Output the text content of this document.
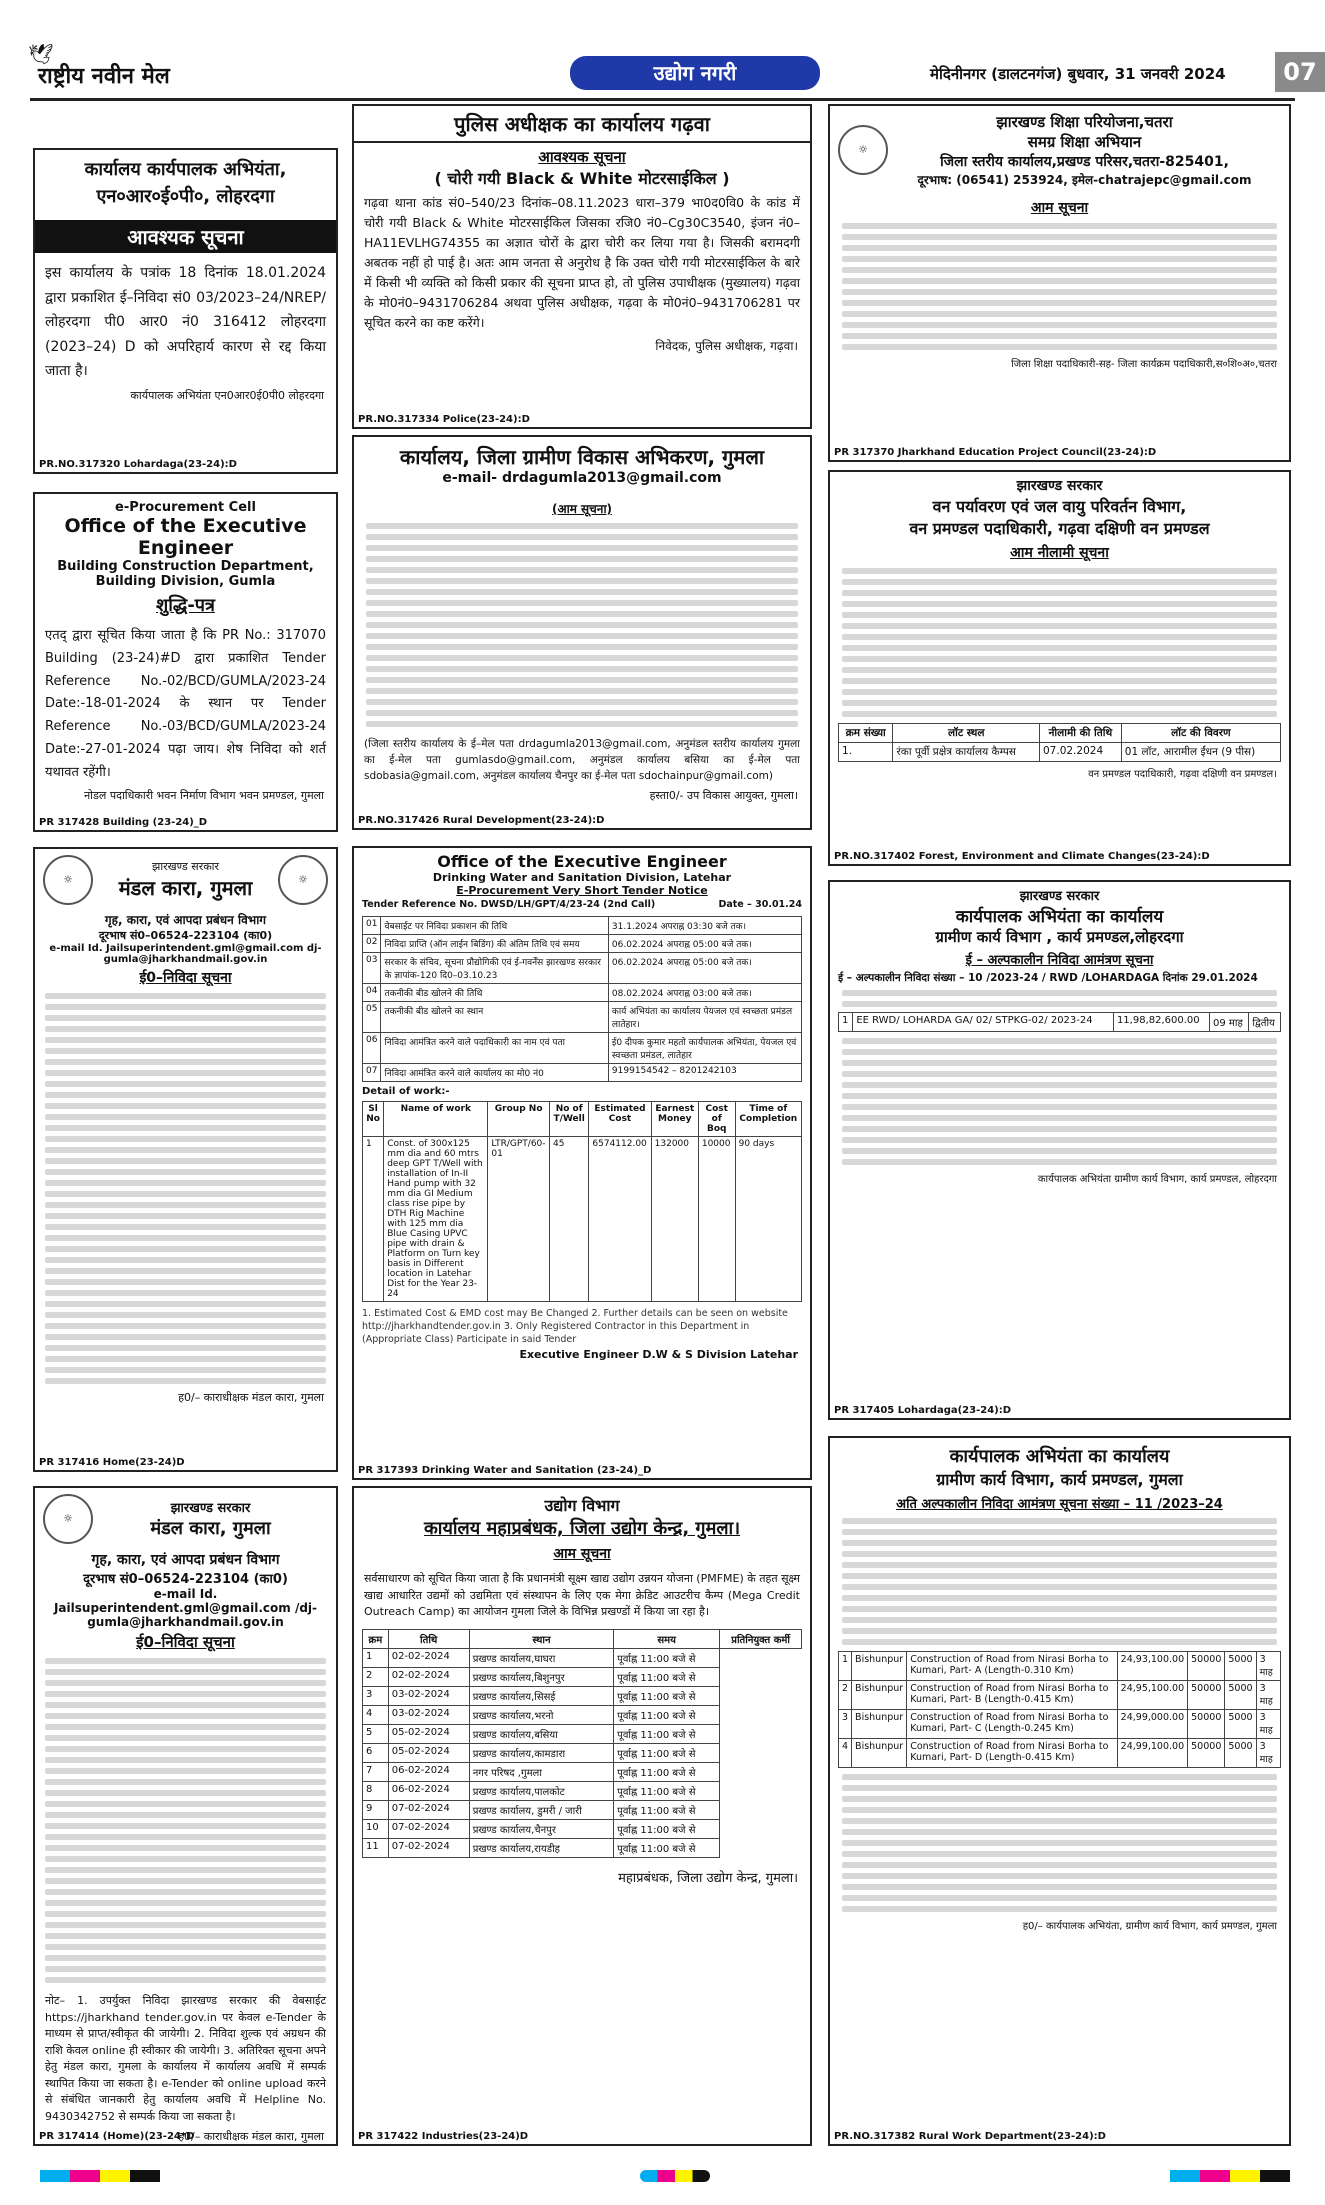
🕊
राष्ट्रीय नवीन मेल	उद्योग नगरी	मेदिनीनगर (डालटनगंज) बुधवार, 31 जनवरी 2024	07
कार्यालय कार्यपालक अभियंता, एन०आर०ई०पी०, लोहरदगा
आवश्यक सूचना
इस कार्यालय के पत्रांक 18 दिनांक 18.01.2024 द्वारा प्रकाशित ई–निविदा सं0 03/2023–24/NREP/लोहरदगा पी0 आर0 नं0 316412 लोहरदगा (2023–24) D को अपरिहार्य कारण से रद्द किया जाता है।
कार्यपालक अभियंता एन0आर0ई0पी0 लोहरदगा
PR.NO.317320 Lohardaga(23-24):D
e-Procurement Cell
Office of the Executive Engineer
Building Construction Department, Building Division, Gumla
शुद्धि-पत्र
एतद् द्वारा सूचित किया जाता है कि PR No.: 317070 Building (23-24)#D द्वारा प्रकाशित Tender Reference No.-02/BCD/GUMLA/2023-24 Date:-18-01-2024 के स्थान पर Tender Reference No.-03/BCD/GUMLA/2023-24 Date:-27-01-2024 पढ़ा जाय। शेष निविदा को शर्त यथावत रहेंगी।
नोडल पदाधिकारी भवन निर्माण विभाग भवन प्रमण्डल, गुमला
PR 317428 Building (23-24)_D
☼
झारखण्ड सरकार
मंडल कारा, गुमला	☼
गृह, कारा, एवं आपदा प्रबंधन विभाग
दूरभाष सं0–06524-223104 (का0)
e-mail Id. Jailsuperintendent.gml@gmail.com dj-gumla@jharkhandmail.gov.in
ई0–निविदा सूचना
ह0/– काराधीक्षक मंडल कारा, गुमला
PR 317416 Home(23-24)D
☼
झारखण्ड सरकार
मंडल कारा, गुमला
गृह, कारा, एवं आपदा प्रबंधन विभाग
दूरभाष सं0–06524-223104 (का0)
e-mail Id. Jailsuperintendent.gml@gmail.com /dj-gumla@jharkhandmail.gov.in
ई0–निविदा सूचना
नोट– 1. उपर्युक्त निविदा झारखण्ड सरकार की वेबसाईट https://jharkhand tender.gov.in पर केवल e-Tender के माध्यम से प्राप्त/स्वीकृत की जायेगी। 2. निविदा शुल्क एवं अग्रधन की राशि केवल online ही स्वीकार की जायेगी। 3. अतिरिक्त सूचना अपने हेतु मंडल कारा, गुमला के कार्यालय में कार्यालय अवधि में सम्पर्क स्थापित किया जा सकता है। e-Tender को online upload करने से संबंधित जानकारी हेतु कार्यालय अवधि में Helpline No. 9430342752 से सम्पर्क किया जा सकता है।
ह0/– काराधीक्षक मंडल कारा, गुमला
PR 317414 (Home)(23-24*D
पुलिस अधीक्षक का कार्यालय गढ़वा
आवश्यक सूचना
( चोरी गयी Black & White मोटरसाईकिल )
गढ़वा थाना कांड सं0–540/23 दिनांक–08.11.2023 धारा–379 भा0द0वि0 के कांड में चोरी गयी Black & White मोटरसाईकिल जिसका रजि0 नं0–Cg30C3540, इंजन नं0–HA11EVLHG74355 का अज्ञात चोरों के द्वारा चोरी कर लिया गया है। जिसकी बरामदगी अबतक नहीं हो पाई है। अतः आम जनता से अनुरोध है कि उक्त चोरी गयी मोटरसाईकिल के बारे में किसी भी व्यक्ति को किसी प्रकार की सूचना प्राप्त हो, तो पुलिस उपाधीक्षक (मुख्यालय) गढ़वा के मो0नं0–9431706284 अथवा पुलिस अधीक्षक, गढ़वा के मो0नं0–9431706281 पर सूचित करने का कष्ट करेंगे।
निवेदक, पुलिस अधीक्षक, गढ़वा।
PR.NO.317334 Police(23-24):D
कार्यालय, जिला ग्रामीण विकास अभिकरण, गुमला
e-mail- drdagumla2013@gmail.com
(आम सूचना)
(जिला स्तरीय कार्यालय के ई–मेल पता drdagumla2013@gmail.com, अनुमंडल स्तरीय कार्यालय गुमला का ई-मेल पता gumlasdo@gmail.com, अनुमंडल कार्यालय बसिया का ई-मेल पता sdobasia@gmail.com, अनुमंडल कार्यालय चैनपुर का ई-मेल पता sdochainpur@gmail.com)
हस्ता0/- उप विकास आयुक्त, गुमला।
PR.NO.317426 Rural Development(23-24):D
Office of the Executive Engineer
Drinking Water and Sanitation Division, Latehar
E-Procurement Very Short Tender Notice
Tender Reference No. DWSD/LH/GPT/4/23-24 (2nd Call)	Date – 30.01.24
01	वेबसाईट पर निविदा प्रकाशन की तिथि	31.1.2024 अपराह्न 03:30 बजे तक।
02	निविदा प्राप्ति (ऑन लाईन बिडिंग) की अंतिम तिथि एवं समय	06.02.2024 अपराह्न 05:00 बजे तक।
03	सरकार के संचिव, सूचना प्रौद्योगिकी एवं ई-गवर्नेंस झारखण्ड सरकार के ज्ञापांक-120 दि0–03.10.23	06.02.2024 अपराह्न 05:00 बजे तक।
04	तकनीकी बीड खोलने की तिथि	08.02.2024 अपराह्न 03:00 बजे तक।
05	तकनीकी बीड खोलने का स्थान	कार्य अभियंता का कार्यालय पेयजल एवं स्वच्छता प्रमंडल लातेहार।
06	निविदा आमंत्रित करने वाले पदाधिकारी का नाम एवं पता	ई0 दीपक कुमार महतो कार्यपालक अभियंता, पेयजल एवं स्वच्छता प्रमंडल, लातेहार
07	निविदा आमंत्रित करने वाले कार्यालय का मो0 नं0	9199154542 – 8201242103
Detail of work:-
Sl No	Name of work	Group No	No of T/Well	Estimated Cost	Earnest Money	Cost of Boq	Time of Completion
1	Const. of 300x125 mm dia and 60 mtrs deep GPT T/Well with installation of In-II Hand pump with 32 mm dia GI Medium class rise pipe by DTH Rig Machine with 125 mm dia Blue Casing UPVC pipe with drain & Platform on Turn key basis in Different location in Latehar Dist for the Year 23-24	LTR/GPT/60-01	45	6574112.00	132000	10000	90 days
1. Estimated Cost & EMD cost may Be Changed 2. Further details can be seen on website http://jharkhandtender.gov.in 3. Only Registered Contractor in this Department in (Appropriate Class) Participate in said Tender
Executive Engineer D.W & S Division Latehar
PR 317393 Drinking Water and Sanitation (23-24)_D
उद्योग विभाग
कार्यालय महाप्रबंधक, जिला उद्योग केन्द्र, गुमला।
आम सूचना
सर्वसाधारण को सूचित किया जाता है कि प्रधानमंत्री सूक्ष्म खाद्य उद्योग उन्नयन योजना (PMFME) के तहत सूक्ष्म खाद्य आधारित उद्यमों को उद्यमिता एवं संस्थापन के लिए एक मेगा क्रेडिट आउटरीच कैम्प (Mega Credit Outreach Camp) का आयोजन गुमला जिले के विभिन्न प्रखण्डों में किया जा रहा है।
क्रम	तिथि	स्थान	समय	प्रतिनियुक्त कर्मी
1	02-02-2024	प्रखण्ड कार्यालय,घाघरा	पूर्वाह्न 11:00 बजे से	
2	02-02-2024	प्रखण्ड कार्यालय,बिशुनपुर	पूर्वाह्न 11:00 बजे से	
3	03-02-2024	प्रखण्ड कार्यालय,सिसई	पूर्वाह्न 11:00 बजे से	
4	03-02-2024	प्रखण्ड कार्यालय,भरनो	पूर्वाह्न 11:00 बजे से	
5	05-02-2024	प्रखण्ड कार्यालय,बसिया	पूर्वाह्न 11:00 बजे से	
6	05-02-2024	प्रखण्ड कार्यालय,कामडारा	पूर्वाह्न 11:00 बजे से	
7	06-02-2024	नगर परिषद ,गुमला	पूर्वाह्न 11:00 बजे से	
8	06-02-2024	प्रखण्ड कार्यालय,पालकोट	पूर्वाह्न 11:00 बजे से	
9	07-02-2024	प्रखण्ड कार्यालय, डुमरी / जारी	पूर्वाह्न 11:00 बजे से	
10	07-02-2024	प्रखण्ड कार्यालय,चैनपुर	पूर्वाह्न 11:00 बजे से	
11	07-02-2024	प्रखण्ड कार्यालय,रायडीह	पूर्वाह्न 11:00 बजे से	
महाप्रबंधक, जिला उद्योग केन्द्र, गुमला।
PR 317422 Industries(23-24)D
☼
झारखण्ड शिक्षा परियोजना,चतरा
समग्र शिक्षा अभियान
जिला स्तरीय कार्यालय,प्रखण्ड परिसर,चतरा-825401,
दूरभाष: (06541) 253924, इमेल-chatrajepc@gmail.com
आम सूचना
जिला शिक्षा पदाधिकारी-सह- जिला कार्यक्रम पदाधिकारी,स०शि०अ०,चतरा
PR 317370 Jharkhand Education Project Council(23-24):D
झारखण्ड सरकार
वन पर्यावरण एवं जल वायु परिवर्तन विभाग,
वन प्रमण्डल पदाधिकारी, गढ़वा दक्षिणी वन प्रमण्डल
आम नीलामी सूचना
क्रम संख्या	लॉट स्थल	नीलामी की तिथि	लॉट की विवरण
1.	रंका पूर्वी प्रक्षेत्र कार्यालय कैम्पस	07.02.2024	01 लॉट, आरामील ईंधन (9 पीस)
वन प्रमण्डल पदाधिकारी, गढ़वा दक्षिणी वन प्रमण्डल।
PR.NO.317402 Forest, Environment and Climate Changes(23-24):D
झारखण्ड सरकार
कार्यपालक अभियंता का कार्यालय
ग्रामीण कार्य विभाग , कार्य प्रमण्डल,लोहरदगा
ई – अल्पकालीन निविदा आमंत्रण सूचना
ई – अल्पकालीन निविदा संख्या – 10 /2023-24 / RWD /LOHARDAGA दिनांक 29.01.2024
1	EE RWD/ LOHARDA GA/ 02/ STPKG-02/ 2023-24	11,98,82,600.00	09 माह	द्वितीय
कार्यपालक अभियंता ग्रामीण कार्य विभाग, कार्य प्रमण्डल, लोहरदगा
PR 317405 Lohardaga(23-24):D
कार्यपालक अभियंता का कार्यालय
ग्रामीण कार्य विभाग, कार्य प्रमण्डल, गुमला
अति अल्पकालीन निविदा आमंत्रण सूचना संख्या – 11 /2023–24
1	Bishunpur	Construction of Road from Nirasi Borha to Kumari, Part- A (Length-0.310 Km)	24,93,100.00	50000	5000	3 माह
2	Bishunpur	Construction of Road from Nirasi Borha to Kumari, Part- B (Length-0.415 Km)	24,95,100.00	50000	5000	3 माह
3	Bishunpur	Construction of Road from Nirasi Borha to Kumari, Part- C (Length-0.245 Km)	24,99,000.00	50000	5000	3 माह
4	Bishunpur	Construction of Road from Nirasi Borha to Kumari, Part- D (Length-0.415 Km)	24,99,100.00	50000	5000	3 माह
ह0/– कार्यपालक अभियंता, ग्रामीण कार्य विभाग, कार्य प्रमण्डल, गुमला
PR.NO.317382 Rural Work Department(23-24):D
